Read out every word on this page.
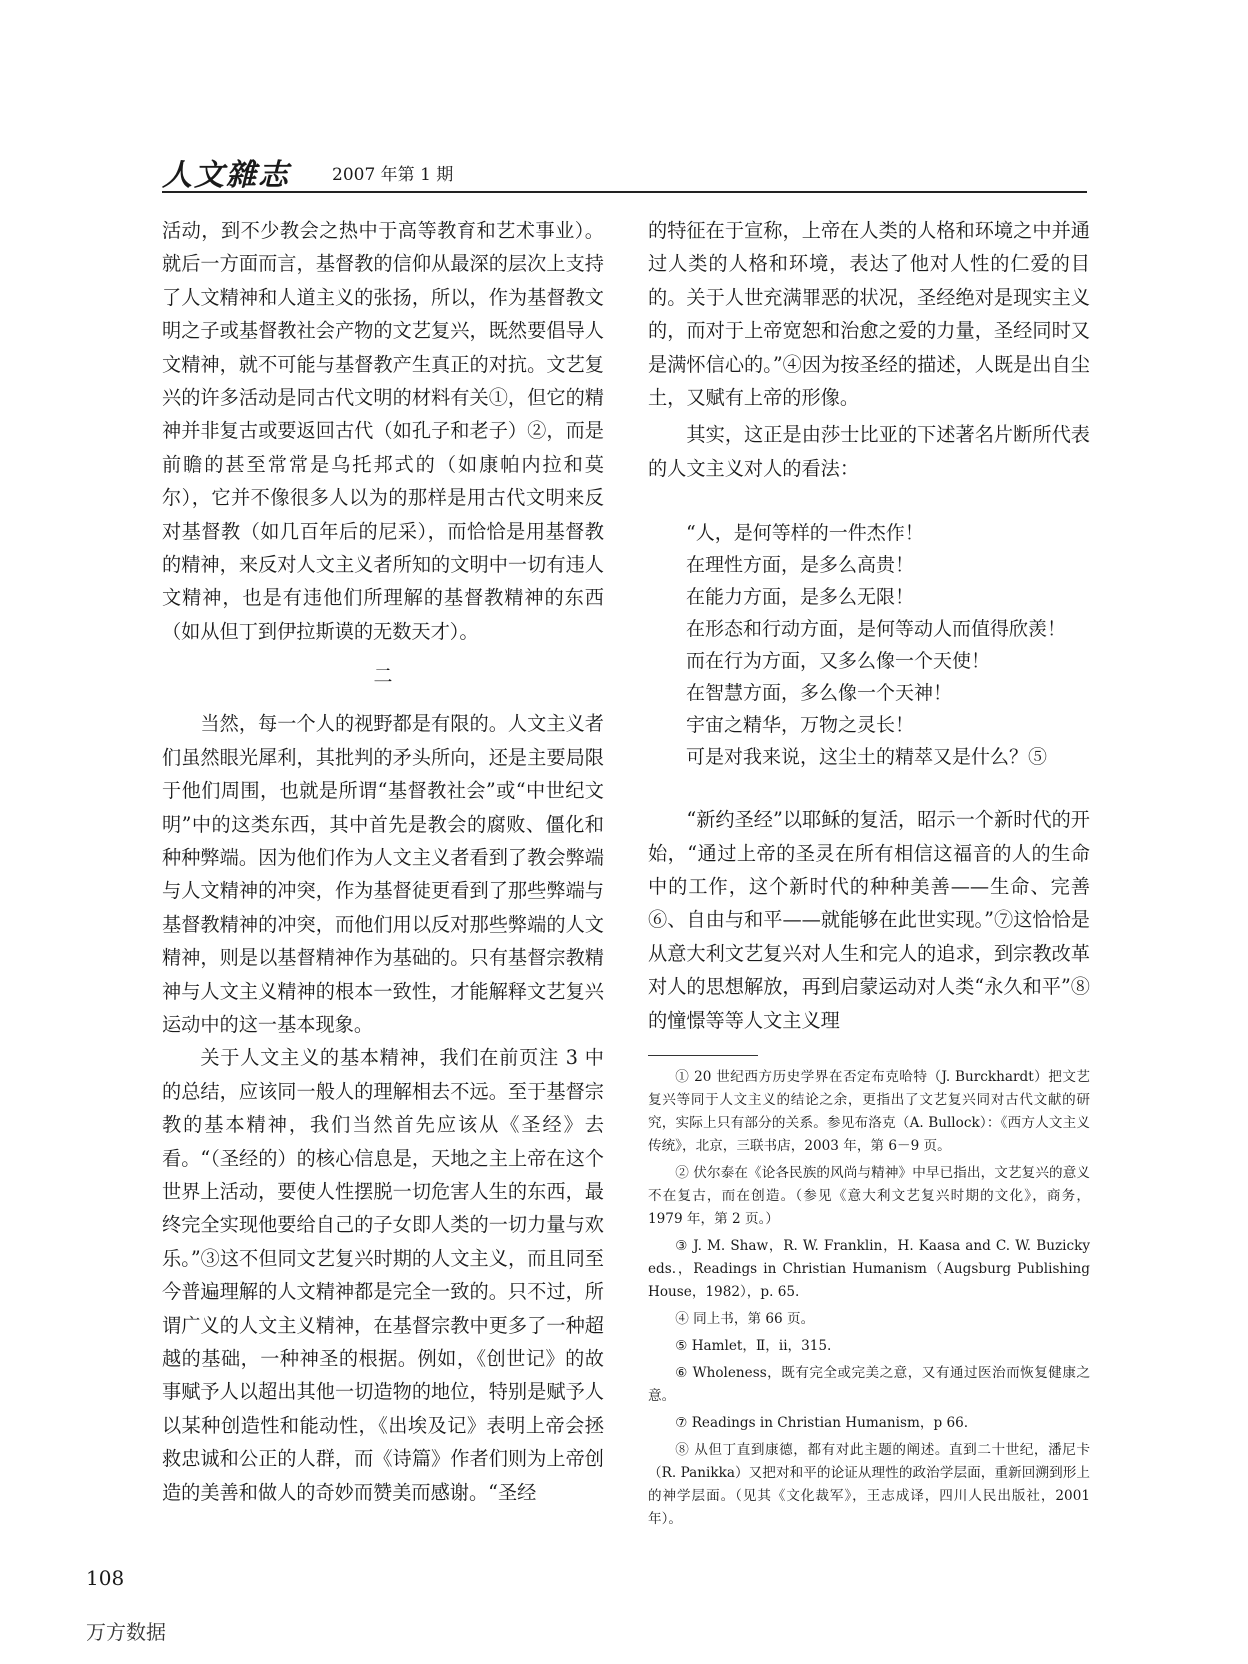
人文雜志 2007 年第 1 期

活动，到不少教会之热中于高等教育和艺术事业）。就后一方面而言，基督教的信仰从最深的层次上支持了人文精神和人道主义的张扬，所以，作为基督教文明之子或基督教社会产物的文艺复兴，既然要倡导人文精神，就不可能与基督教产生真正的对抗。文艺复兴的许多活动是同古代文明的材料有关①，但它的精神并非复古或要返回古代（如孔子和老子）②，而是前瞻的甚至常常是乌托邦式的（如康帕内拉和莫尔），它并不像很多人以为的那样是用古代文明来反对基督教（如几百年后的尼采），而恰恰是用基督教的精神，来反对人文主义者所知的文明中一切有违人文精神，也是有违他们所理解的基督教精神的东西（如从但丁到伊拉斯谟的无数天才）。

二

当然，每一个人的视野都是有限的。人文主义者们虽然眼光犀利，其批判的矛头所向，还是主要局限于他们周围，也就是所谓“基督教社会”或“中世纪文明”中的这类东西，其中首先是教会的腐败、僵化和种种弊端。因为他们作为人文主义者看到了教会弊端与人文精神的冲突，作为基督徒更看到了那些弊端与基督教精神的冲突，而他们用以反对那些弊端的人文精神，则是以基督精神作为基础的。只有基督宗教精神与人文主义精神的根本一致性，才能解释文艺复兴运动中的这一基本现象。

关于人文主义的基本精神，我们在前页注 3 中的总结，应该同一般人的理解相去不远。至于基督宗教的基本精神，我们当然首先应该从《圣经》去看。“（圣经的）的核心信息是，天地之主上帝在这个世界上活动，要使人性摆脱一切危害人生的东西，最终完全实现他要给自己的子女即人类的一切力量与欢乐。”③这不但同文艺复兴时期的人文主义，而且同至今普遍理解的人文精神都是完全一致的。只不过，所谓广义的人文主义精神，在基督宗教中更多了一种超越的基础，一种神圣的根据。例如，《创世记》的故事赋予人以超出其他一切造物的地位，特别是赋予人以某种创造性和能动性，《出埃及记》表明上帝会拯救忠诚和公正的人群，而《诗篇》作者们则为上帝创造的美善和做人的奇妙而赞美而感谢。“圣经

的特征在于宣称，上帝在人类的人格和环境之中并通过人类的人格和环境，表达了他对人性的仁爱的目的。关于人世充满罪恶的状况，圣经绝对是现实主义的，而对于上帝宽恕和治愈之爱的力量，圣经同时又是满怀信心的。”④因为按圣经的描述，人既是出自尘土，又赋有上帝的形像。

其实，这正是由莎士比亚的下述著名片断所代表的人文主义对人的看法：

“人，是何等样的一件杰作！
在理性方面，是多么高贵！
在能力方面，是多么无限！
在形态和行动方面，是何等动人而值得欣羡！
而在行为方面，又多么像一个天使！
在智慧方面，多么像一个天神！
宇宙之精华，万物之灵长！
可是对我来说，这尘土的精萃又是什么？⑤

“新约圣经”以耶稣的复活，昭示一个新时代的开始，“通过上帝的圣灵在所有相信这福音的人的生命中的工作，这个新时代的种种美善——生命、完善⑥、自由与和平——就能够在此世实现。”⑦这恰恰是从意大利文艺复兴对人生和完人的追求，到宗教改革对人的思想解放，再到启蒙运动对人类“永久和平”⑧的憧憬等等人文主义理

① 20 世纪西方历史学界在否定布克哈特（J. Burckhardt）把文艺复兴等同于人文主义的结论之余，更指出了文艺复兴同对古代文献的研究，实际上只有部分的关系。参见布洛克（A. Bullock）：《西方人文主义传统》，北京，三联书店，2003 年，第 6－9 页。

② 伏尔泰在《论各民族的风尚与精神》中早已指出，文艺复兴的意义不在复古，而在创造。（参见《意大利文艺复兴时期的文化》，商务，1979 年，第 2 页。）

③ J. M. Shaw，R. W. Franklin，H. Kaasa and C. W. Buzicky eds.，Readings in Christian Humanism（Augsburg Publishing House，1982），p. 65.

④ 同上书，第 66 页。

⑤ Hamlet，Ⅱ，ⅱ，315.

⑥ Wholeness，既有完全或完美之意，又有通过医治而恢复健康之意。

⑦ Readings in Christian Humanism，p 66.

⑧ 从但丁直到康德，都有对此主题的阐述。直到二十世纪，潘尼卡（R. Panikka）又把对和平的论证从理性的政治学层面，重新回溯到形上的神学层面。（见其《文化裁军》，王志成译，四川人民出版社，2001 年）。

108
万方数据
